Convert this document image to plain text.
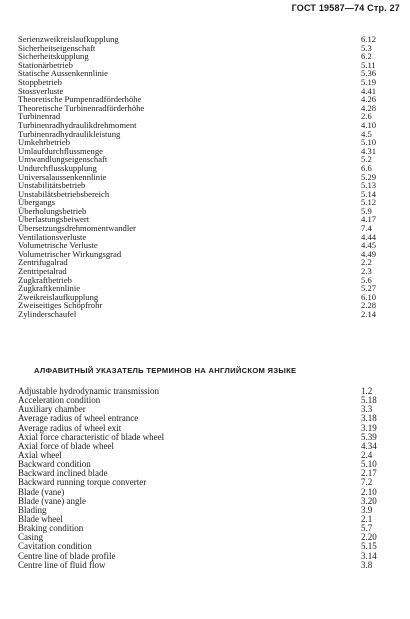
ГОСТ 19587—74 Стр. 27
Serienzweikreislaufkupplung	6.12
Sicherheitseigenschaft	5.3
Sicherheitskupplung	6.2
Stationärbetrieb	5.11
Statische Aussenkennlinie	5.36
Stoppbetrieb	5.19
Stossverluste	4.41
Theoretische Pumpenradförderhöhe	4.26
Theoretische Turbinenradförderhöhe	4.28
Turbinenrad	2.6
Turbinenradhydraulikdrehmoment	4.10
Turbinenradhydraulikleistung	4.5
Umkehrbetrieb	5.10
Umlaufdurchflussmenge	4.31
Umwandlungseigenschaft	5.2
Undurchflusskupplung	6.6
Universalaussenkennlinie	5.29
Unstabilitätsbetrieb	5.13
Unstabilätsbetriebsbereich	5.14
Übergangs	5.12
Überholungsbetrieb	5.9
Überlastungsbeiwert	4.17
Übersetzungsdrehmomentwandler	7.4
Ventilationsverluste	4.44
Volumetrische Verluste	4.45
Volumetrischer Wirkungsgrad	4.49
Zentrifugalrad	2.2
Zentripetalrad	2.3
Zugkraftbetrieb	5.6
Zugkraftkennlinie	5.27
Zweikreislaufkupplung	6.10
Zweiseitiges Schöpfrohr	2.28
Zylinderschaufel	2.14
АЛФАВИТНЫЙ УКАЗАТЕЛЬ ТЕРМИНОВ НА АНГЛИЙСКОМ ЯЗЫКЕ
Adjustable hydrodynamic transmission	1.2
Acceleration condition	5.18
Auxiliary chamber	3.3
Average radius of wheel entrance	3.18
Average radius of wheel exit	3.19
Axial force characteristic of blade wheel	5.39
Axial force of blade wheel	4.34
Axial wheel	2.4
Backward condition	5.10
Backward inclined blade	2.17
Backward running torque converter	7.2
Blade (vane)	2.10
Blade (vane) angle	3.20
Blading	3.9
Blade wheel	2.1
Braking condition	5.7
Casing	2.20
Cavitation condition	5.15
Centre line of blade profile	3.14
Centre line of fluid flow	3.8
